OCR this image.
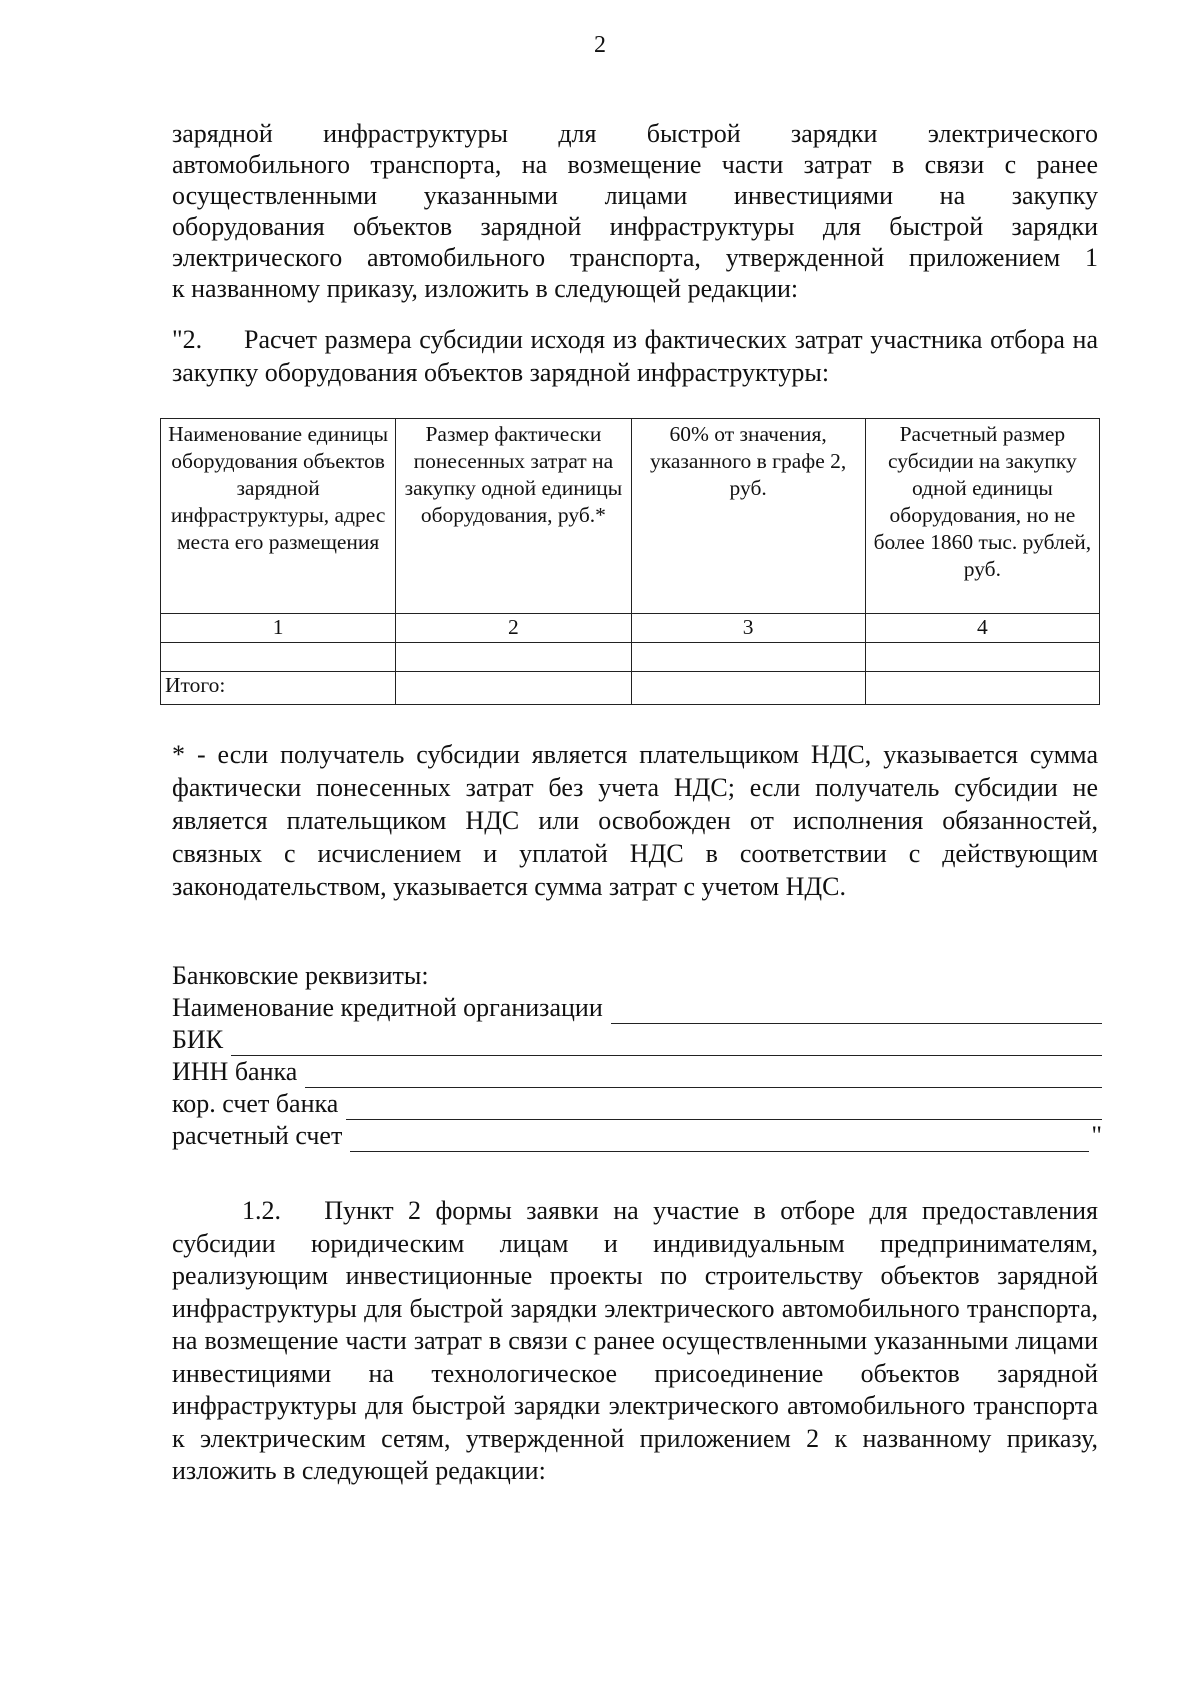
2
зарядной инфраструктуры для быстрой зарядки электрического
автомобильного транспорта, на возмещение части затрат в связи с ранее
осуществленными указанными лицами инвестициями на закупку
оборудования объектов зарядной инфраструктуры для быстрой зарядки
электрического автомобильного транспорта, утвержденной приложением 1
к названному приказу, изложить в следующей редакции:
"2. Расчет размера субсидии исходя из фактических затрат участника отбора на закупку оборудования объектов зарядной инфраструктуры:
Наименование единицы оборудования объектов зарядной инфраструктуры, адрес места его размещения	Размер фактически понесенных затрат на закупку одной единицы оборудования, руб.*	60% от значения, указанного в графе 2, руб.	Расчетный размер субсидии на закупку одной единицы оборудования, но не более 1860 тыс. рублей, руб.
1	2	3	4

Итого:			
* - если получатель субсидии является плательщиком НДС, указывается сумма фактически понесенных затрат без учета НДС; если получатель субсидии не является плательщиком НДС или освобожден от исполнения обязанностей, связных с исчислением и уплатой НДС в соответствии с действующим законодательством, указывается сумма затрат с учетом НДС.
Банковские реквизиты:
Наименование кредитной организации
БИК
ИНН банка
кор. счет банка
расчетный счет	"
1.2. Пункт 2 формы заявки на участие в отборе для предоставления субсидии юридическим лицам и индивидуальным предпринимателям, реализующим инвестиционные проекты по строительству объектов зарядной инфраструктуры для быстрой зарядки электрического автомобильного транспорта, на возмещение части затрат в связи с ранее осуществленными указанными лицами инвестициями на технологическое присоединение объектов зарядной инфраструктуры для быстрой зарядки электрического автомобильного транспорта к электрическим сетям, утвержденной приложением 2 к названному приказу, изложить в следующей редакции:
